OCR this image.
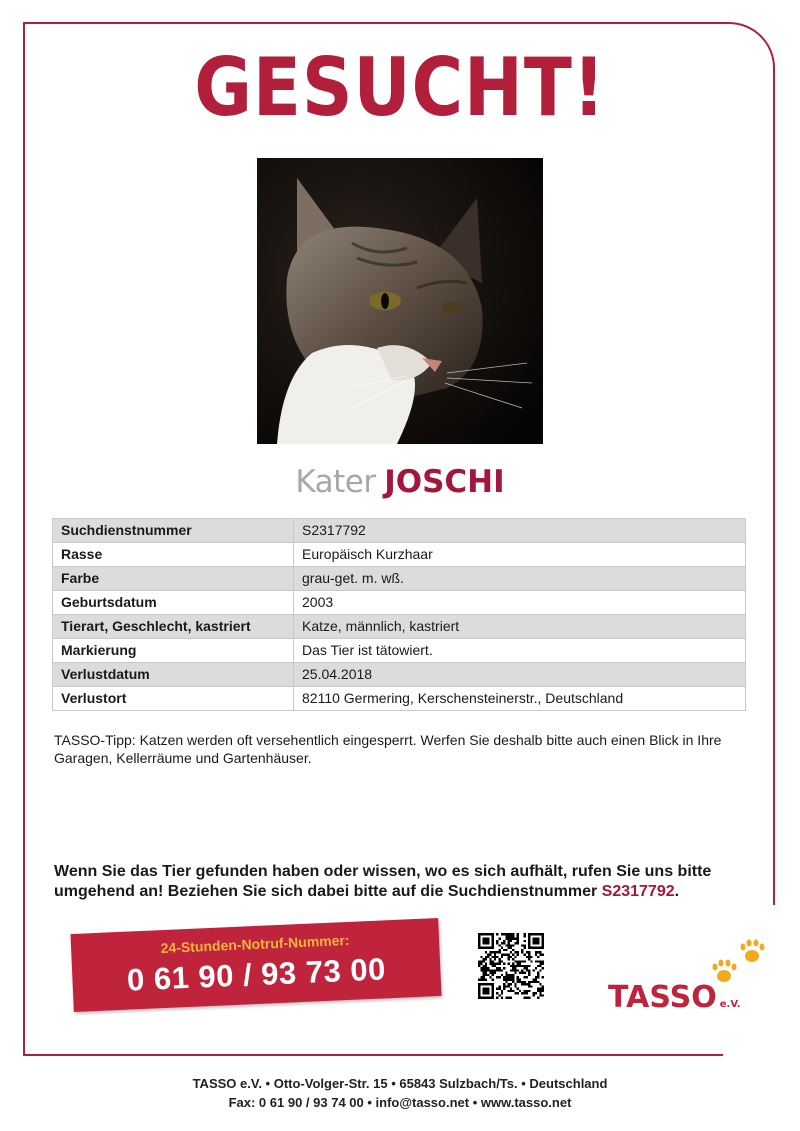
GESUCHT!
Kater JOSCHI
Suchdienstnummer	S2317792
Rasse	Europäisch Kurzhaar
Farbe	grau-get. m. wß.
Geburtsdatum	2003
Tierart, Geschlecht, kastriert	Katze, männlich, kastriert
Markierung	Das Tier ist tätowiert.
Verlustdatum	25.04.2018
Verlustort	82110 Germering, Kerschensteinerstr., Deutschland

TASSO-Tipp: Katzen werden oft versehentlich eingesperrt. Werfen Sie deshalb bitte auch einen Blick in Ihre Garagen, Kellerräume und Gartenhäuser.

Wenn Sie das Tier gefunden haben oder wissen, wo es sich aufhält, rufen Sie uns bitte umgehend an! Beziehen Sie sich dabei bitte auf die Suchdienstnummer S2317792.

24-Stunden-Notruf-Nummer:
0 61 90 / 93 73 00	TASSO e.V.
TASSO e.V. • Otto-Volger-Str. 15 • 65843 Sulzbach/Ts. • Deutschland
Fax: 0 61 90 / 93 74 00 • info@tasso.net • www.tasso.net
